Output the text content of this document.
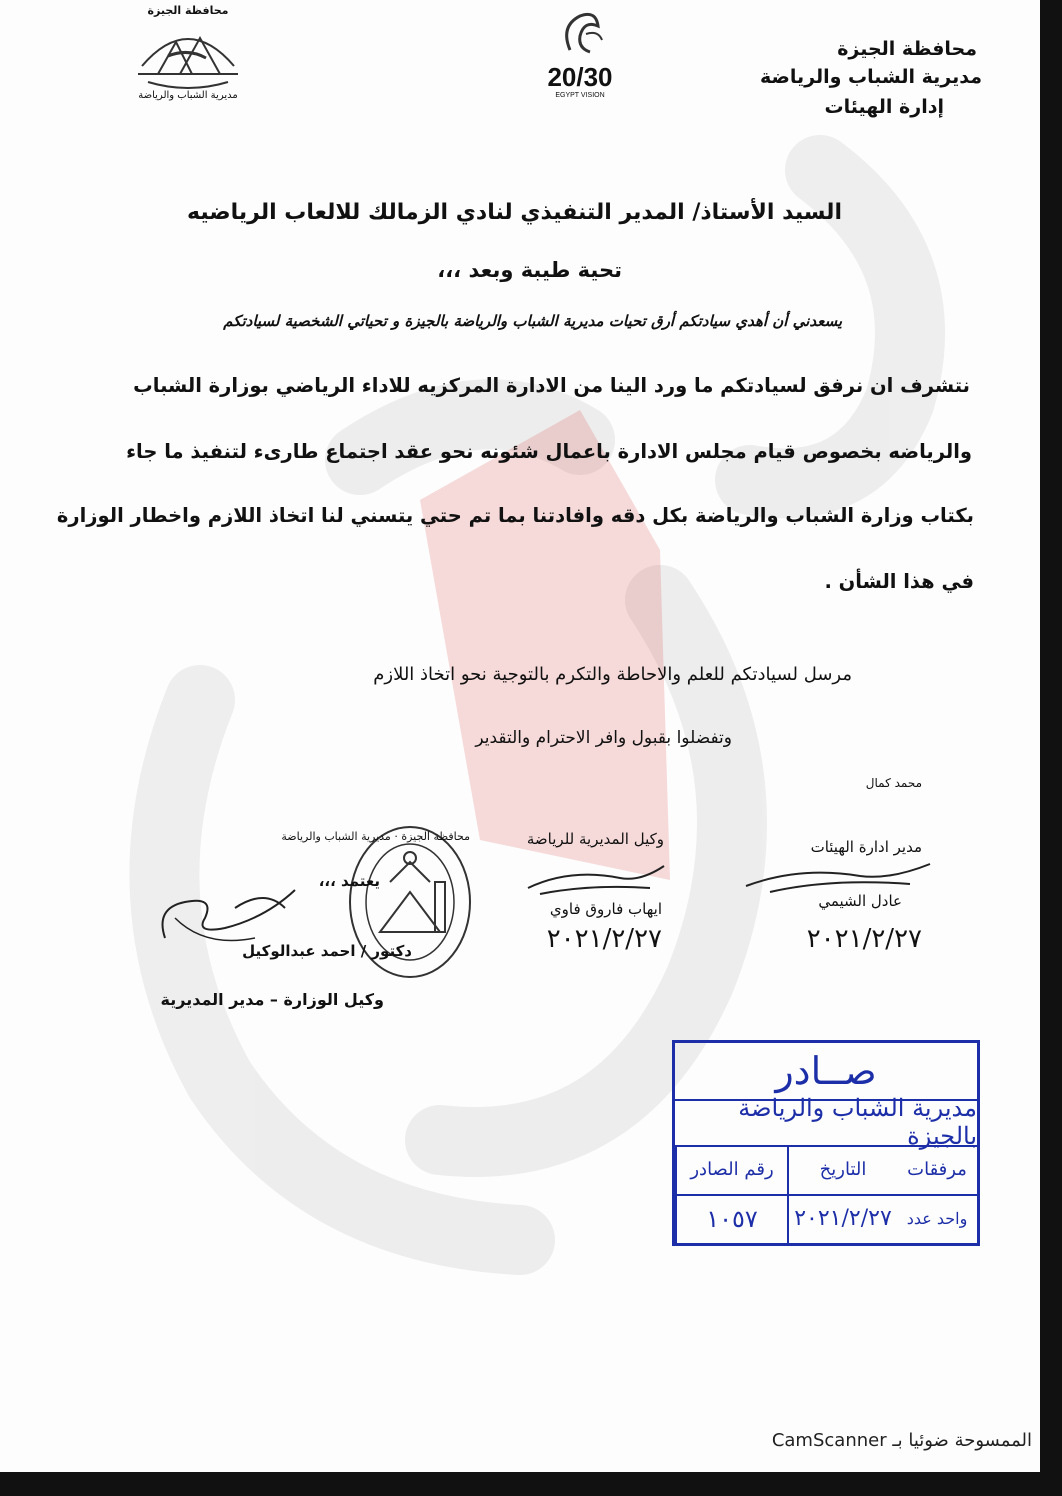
محافظة الجيزة
مديرية الشباب والرياضة
إدارة الهيئات
محافظة الجيزة
مديرية الشباب والرياضة
20/30
EGYPT VISION
السيد الأستاذ/ المدير التنفيذي لنادي الزمالك للالعاب الرياضيه
تحية طيبة وبعد ،،،
يسعدني أن أهدي سيادتكم أرق تحيات مديرية الشباب والرياضة بالجيزة و تحياتي الشخصية لسيادتكم
نتشرف ان نرفق لسيادتكم ما ورد الينا من الادارة المركزيه للاداء الرياضي بوزارة الشباب
والرياضه بخصوص قيام مجلس الادارة باعمال شئونه نحو عقد اجتماع طارىء لتنفيذ ما جاء
بكتاب وزارة الشباب والرياضة بكل دقه وافادتنا بما تم حتي يتسني لنا اتخاذ اللازم واخطار الوزارة
في هذا الشأن .
مرسل لسيادتكم للعلم والاحاطة والتكرم بالتوجية نحو اتخاذ اللازم
وتفضلوا بقبول وافر الاحترام والتقدير
محمد كمال
مدير ادارة الهيئات
عادل الشيمي
٢٠٢١/٢/٢٧
وكيل المديرية للرياضة
ايهاب فاروق فاوي
٢٠٢١/٢/٢٧
محافظة الجيزة · مديرية الشباب والرياضة
يعتمد ،،،
دكتور / احمد عبدالوكيل
وكيل الوزارة – مدير المديرية
صــادر
مديرية الشباب والرياضة بالجيزة
مرفقات
التاريخ
رقم الصادر
واحد عدد
٢٠٢١/٢/٢٧
١٠٥٧
الممسوحة ضوئيا بـ CamScanner
